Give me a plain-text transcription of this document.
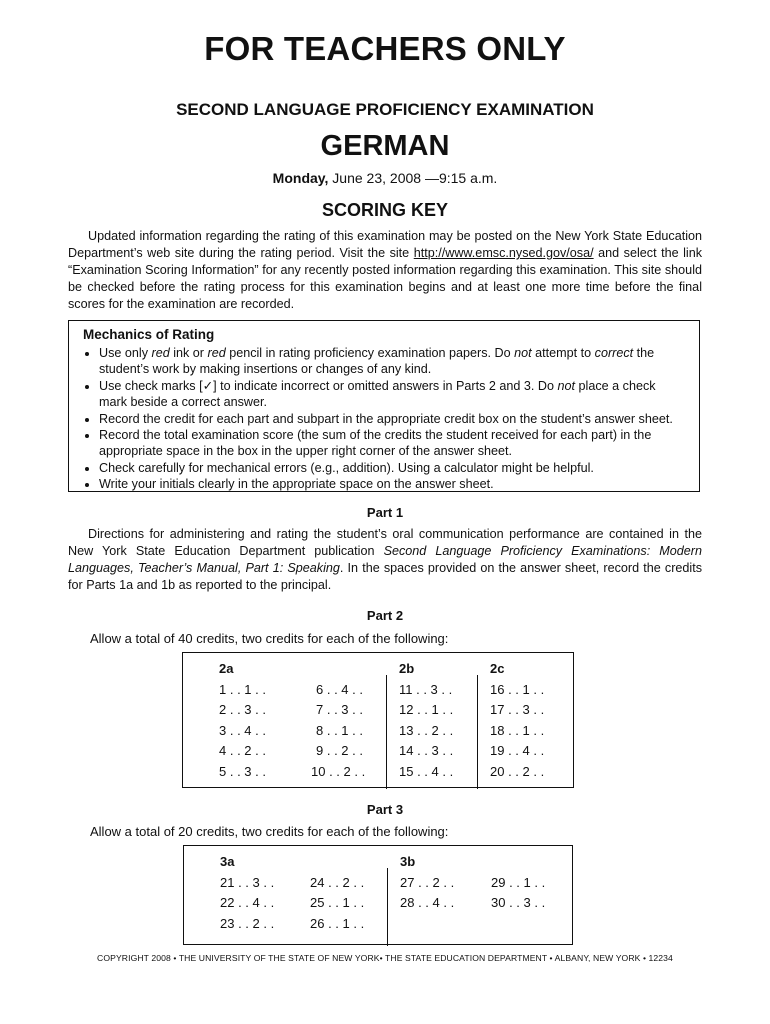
FOR TEACHERS ONLY
SECOND LANGUAGE PROFICIENCY EXAMINATION
GERMAN
Monday, June 23, 2008 —9:15 a.m.
SCORING KEY
Updated information regarding the rating of this examination may be posted on the New York State Education Department’s web site during the rating period. Visit the site http://www.emsc.nysed.gov/osa/ and select the link “Examination Scoring Information” for any recently posted information regarding this examination. This site should be checked before the rating process for this examination begins and at least one more time before the final scores for the examination are recorded.
Mechanics of Rating
• Use only red ink or red pencil in rating proficiency examination papers. Do not attempt to correct the student’s work by making insertions or changes of any kind.
• Use check marks [✓] to indicate incorrect or omitted answers in Parts 2 and 3. Do not place a check mark beside a correct answer.
• Record the credit for each part and subpart in the appropriate credit box on the student’s answer sheet.
• Record the total examination score (the sum of the credits the student received for each part) in the appropriate space in the box in the upper right corner of the answer sheet.
• Check carefully for mechanical errors (e.g., addition). Using a calculator might be helpful.
• Write your initials clearly in the appropriate space on the answer sheet.
Part 1
Directions for administering and rating the student’s oral communication performance are contained in the New York State Education Department publication Second Language Proficiency Examinations: Modern Languages, Teacher’s Manual, Part 1: Speaking. In the spaces provided on the answer sheet, record the credits for Parts 1a and 1b as reported to the principal.
Part 2
Allow a total of 40 credits, two credits for each of the following:
2a
1 . . 1 . .
2 . . 3 . .
3 . . 4 . .
4 . . 2 . .
5 . . 3 . .
6 . . 4 . .
7 . . 3 . .
8 . . 1 . .
9 . . 2 . .
10 . . 2 . .
2b
11 . . 3 . .
12 . . 1 . .
13 . . 2 . .
14 . . 3 . .
15 . . 4 . .
2c
16 . . 1 . .
17 . . 3 . .
18 . . 1 . .
19 . . 4 . .
20 . . 2 . .
Part 3
Allow a total of 20 credits, two credits for each of the following:
3a
21 . . 3 . .
22 . . 4 . .
23 . . 2 . .
24 . . 2 . .
25 . . 1 . .
26 . . 1 . .
3b
27 . . 2 . .
28 . . 4 . .
29 . . 1 . .
30 . . 3 . .
COPYRIGHT 2008 • THE UNIVERSITY OF THE STATE OF NEW YORK• THE STATE EDUCATION DEPARTMENT • ALBANY, NEW YORK • 12234
